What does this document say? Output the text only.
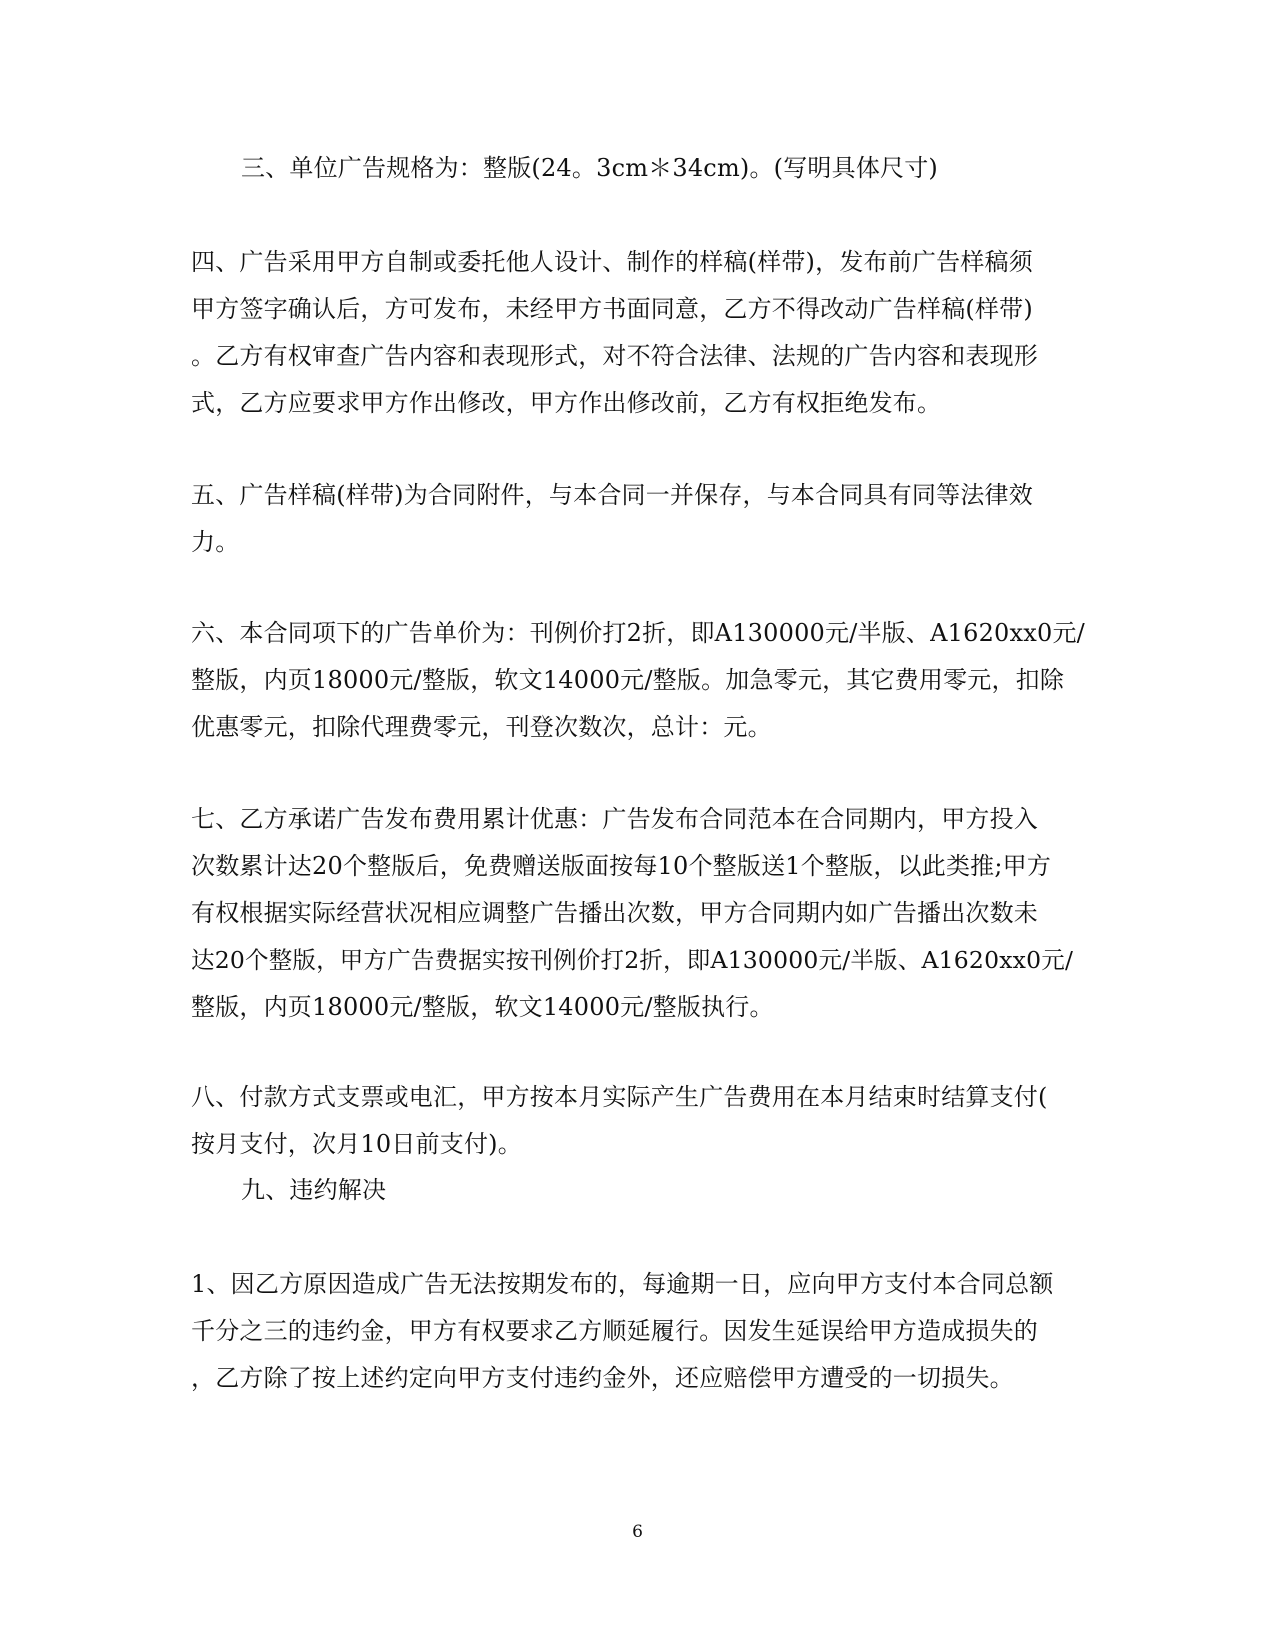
三、单位广告规格为：整版(24。3cm＊34cm)。(写明具体尺寸)
四、广告采用甲方自制或委托他人设计、制作的样稿(样带)，发布前广告样稿须
甲方签字确认后，方可发布，未经甲方书面同意，乙方不得改动广告样稿(样带)
。乙方有权审查广告内容和表现形式，对不符合法律、法规的广告内容和表现形
式，乙方应要求甲方作出修改，甲方作出修改前，乙方有权拒绝发布。
五、广告样稿(样带)为合同附件，与本合同一并保存，与本合同具有同等法律效
力。
六、本合同项下的广告单价为：刊例价打2折，即A130000元/半版、A1620xx0元/
整版，内页18000元/整版，软文14000元/整版。加急零元，其它费用零元，扣除
优惠零元，扣除代理费零元，刊登次数次，总计：元。
七、乙方承诺广告发布费用累计优惠：广告发布合同范本在合同期内，甲方投入
次数累计达20个整版后，免费赠送版面按每10个整版送1个整版，以此类推;甲方
有权根据实际经营状况相应调整广告播出次数，甲方合同期内如广告播出次数未
达20个整版，甲方广告费据实按刊例价打2折，即A130000元/半版、A1620xx0元/
整版，内页18000元/整版，软文14000元/整版执行。
八、付款方式支票或电汇，甲方按本月实际产生广告费用在本月结束时结算支付(
按月支付，次月10日前支付)。
九、违约解决
1、因乙方原因造成广告无法按期发布的，每逾期一日，应向甲方支付本合同总额
千分之三的违约金，甲方有权要求乙方顺延履行。因发生延误给甲方造成损失的
，乙方除了按上述约定向甲方支付违约金外，还应赔偿甲方遭受的一切损失。
6
